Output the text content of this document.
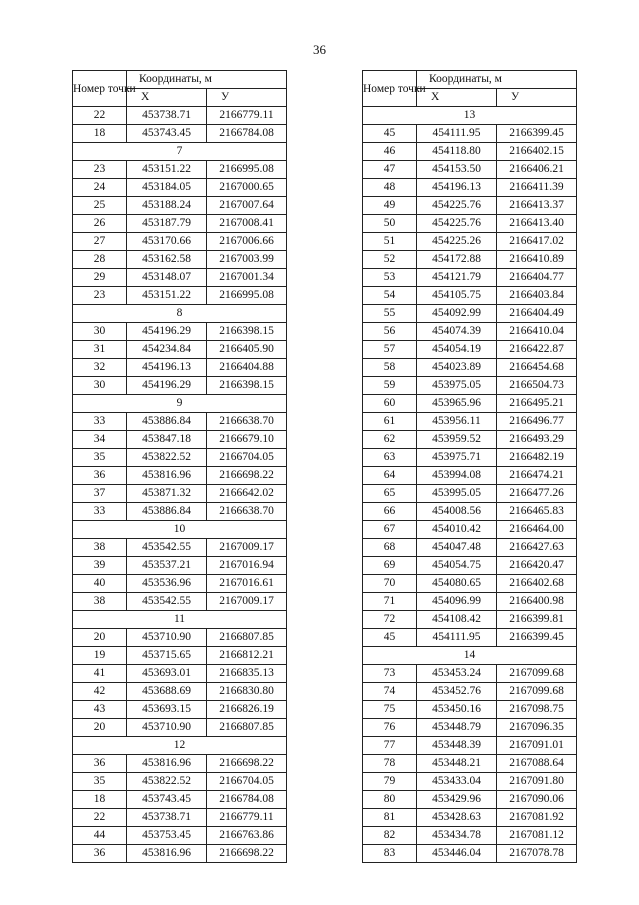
36
Номер точки	Координаты, м	
	X	У
22	453738.71	2166779.11
18	453743.45	2166784.08
7		
23	453151.22	2166995.08
24	453184.05	2167000.65
25	453188.24	2167007.64
26	453187.79	2167008.41
27	453170.66	2167006.66
28	453162.58	2167003.99
29	453148.07	2167001.34
23	453151.22	2166995.08
8		
30	454196.29	2166398.15
31	454234.84	2166405.90
32	454196.13	2166404.88
30	454196.29	2166398.15
9		
33	453886.84	2166638.70
34	453847.18	2166679.10
35	453822.52	2166704.05
36	453816.96	2166698.22
37	453871.32	2166642.02
33	453886.84	2166638.70
10		
38	453542.55	2167009.17
39	453537.21	2167016.94
40	453536.96	2167016.61
38	453542.55	2167009.17
11		
20	453710.90	2166807.85
19	453715.65	2166812.21
41	453693.01	2166835.13
42	453688.69	2166830.80
43	453693.15	2166826.19
20	453710.90	2166807.85
12		
36	453816.96	2166698.22
35	453822.52	2166704.05
18	453743.45	2166784.08
22	453738.71	2166779.11
44	453753.45	2166763.86
36	453816.96	2166698.22
Номер точки	Координаты, м	
	X	У
13		
45	454111.95	2166399.45
46	454118.80	2166402.15
47	454153.50	2166406.21
48	454196.13	2166411.39
49	454225.76	2166413.37
50	454225.76	2166413.40
51	454225.26	2166417.02
52	454172.88	2166410.89
53	454121.79	2166404.77
54	454105.75	2166403.84
55	454092.99	2166404.49
56	454074.39	2166410.04
57	454054.19	2166422.87
58	454023.89	2166454.68
59	453975.05	2166504.73
60	453965.96	2166495.21
61	453956.11	2166496.77
62	453959.52	2166493.29
63	453975.71	2166482.19
64	453994.08	2166474.21
65	453995.05	2166477.26
66	454008.56	2166465.83
67	454010.42	2166464.00
68	454047.48	2166427.63
69	454054.75	2166420.47
70	454080.65	2166402.68
71	454096.99	2166400.98
72	454108.42	2166399.81
45	454111.95	2166399.45
14		
73	453453.24	2167099.68
74	453452.76	2167099.68
75	453450.16	2167098.75
76	453448.79	2167096.35
77	453448.39	2167091.01
78	453448.21	2167088.64
79	453433.04	2167091.80
80	453429.96	2167090.06
81	453428.63	2167081.92
82	453434.78	2167081.12
83	453446.04	2167078.78
